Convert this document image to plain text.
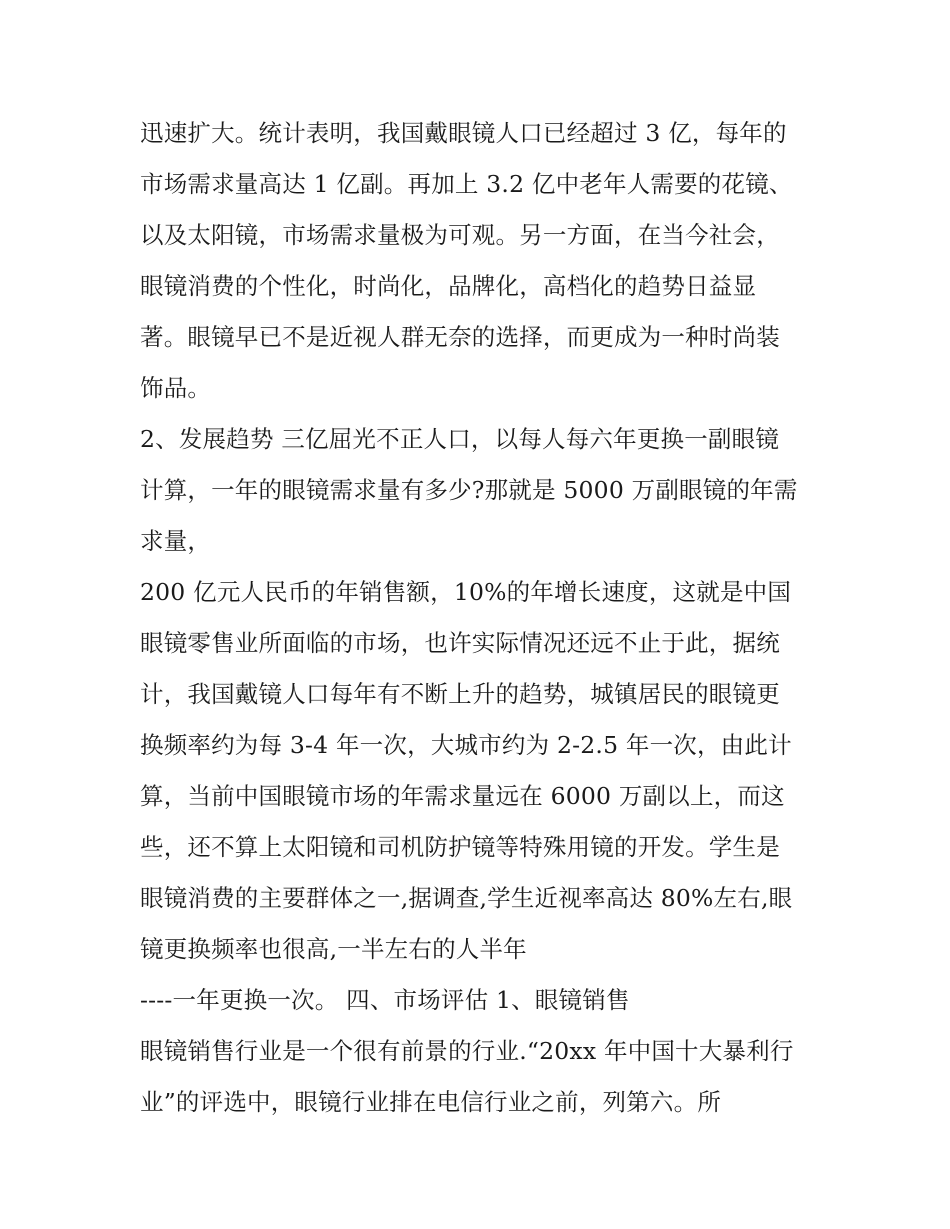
迅速扩大。统计表明，我国戴眼镜人口已经超过 3 亿，每年的
市场需求量高达 1 亿副。再加上 3.2 亿中老年人需要的花镜、
以及太阳镜，市场需求量极为可观。另一方面，在当今社会，
眼镜消费的个性化，时尚化，品牌化，高档化的趋势日益显
著。眼镜早已不是近视人群无奈的选择，而更成为一种时尚装
饰品。
2、发展趋势 三亿屈光不正人口，以每人每六年更换一副眼镜
计算，一年的眼镜需求量有多少?那就是 5000 万副眼镜的年需
求量，
200 亿元人民币的年销售额，10%的年增长速度，这就是中国
眼镜零售业所面临的市场，也许实际情况还远不止于此，据统
计，我国戴镜人口每年有不断上升的趋势，城镇居民的眼镜更
换频率约为每 3-4 年一次，大城市约为 2-2.5 年一次，由此计
算，当前中国眼镜市场的年需求量远在 6000 万副以上，而这
些，还不算上太阳镜和司机防护镜等特殊用镜的开发。学生是
眼镜消费的主要群体之一,据调查,学生近视率高达 80%左右,眼
镜更换频率也很高,一半左右的人半年
----一年更换一次。 四、市场评估 1、眼镜销售
眼镜销售行业是一个很有前景的行业.“20xx 年中国十大暴利行
业”的评选中，眼镜行业排在电信行业之前，列第六。所
